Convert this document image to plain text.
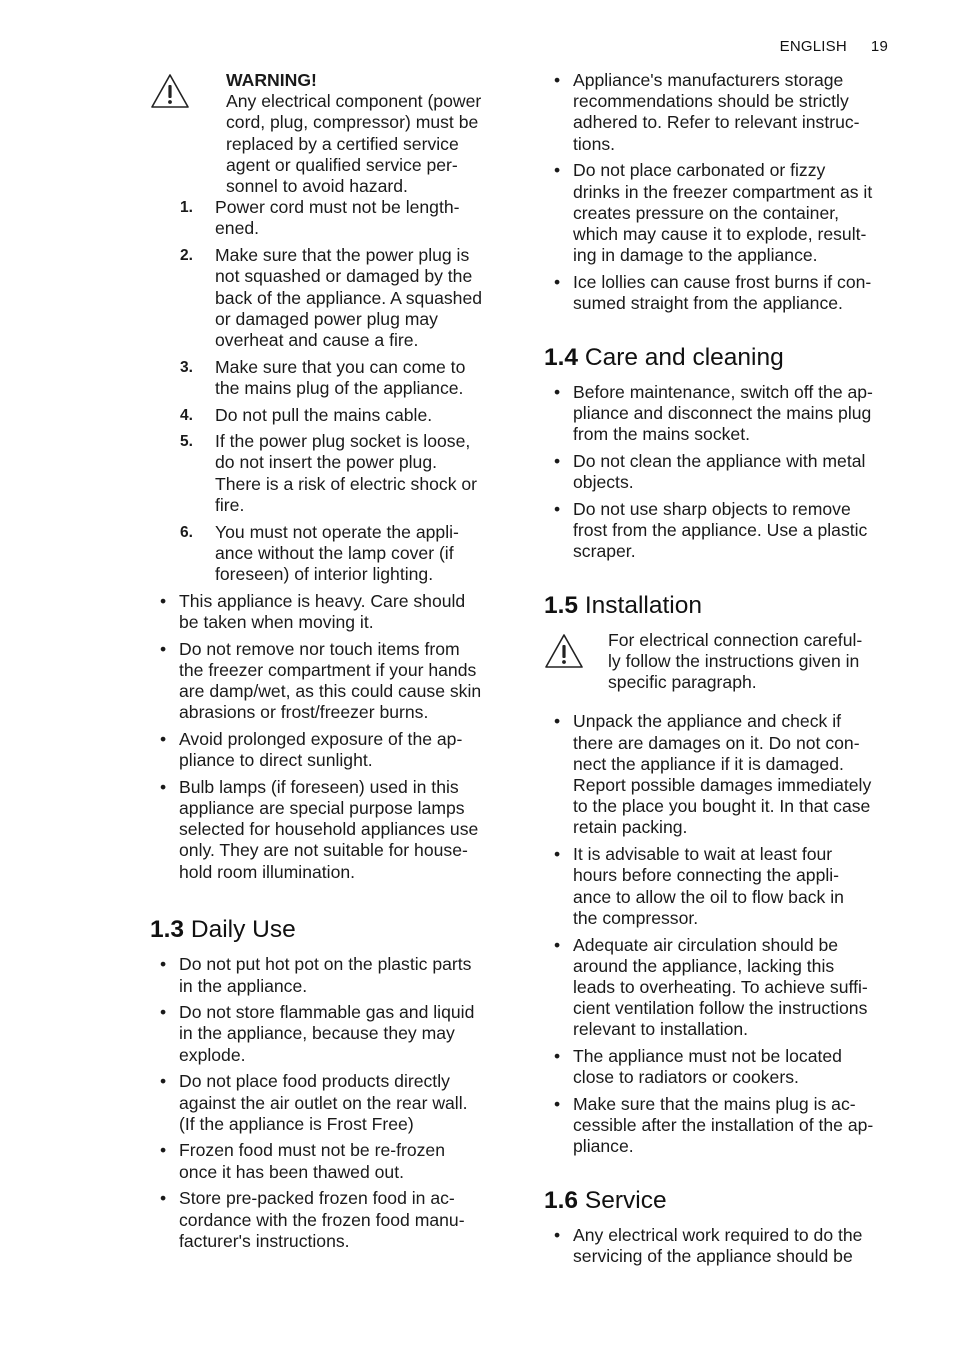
ENGLISH 19
WARNING!
Any electrical component (power
cord, plug, compressor) must be
replaced by a certified service
agent or qualified service per-
sonnel to avoid hazard.
1.	Power cord must not be length-
ened.
2.	Make sure that the power plug is
not squashed or damaged by the
back of the appliance. A squashed
or damaged power plug may
overheat and cause a fire.
3.	Make sure that you can come to
the mains plug of the appliance.
4.	Do not pull the mains cable.
5.	If the power plug socket is loose,
do not insert the power plug.
There is a risk of electric shock or
fire.
6.	You must not operate the appli-
ance without the lamp cover (if
foreseen) of interior lighting.
• This appliance is heavy. Care should
be taken when moving it.
• Do not remove nor touch items from
the freezer compartment if your hands
are damp/wet, as this could cause skin
abrasions or frost/freezer burns.
• Avoid prolonged exposure of the ap-
pliance to direct sunlight.
• Bulb lamps (if foreseen) used in this
appliance are special purpose lamps
selected for household appliances use
only. They are not suitable for house-
hold room illumination.
1.3 Daily Use
• Do not put hot pot on the plastic parts
in the appliance.
• Do not store flammable gas and liquid
in the appliance, because they may
explode.
• Do not place food products directly
against the air outlet on the rear wall.
(If the appliance is Frost Free)
• Frozen food must not be re-frozen
once it has been thawed out.
• Store pre-packed frozen food in ac-
cordance with the frozen food manu-
facturer's instructions.
• Appliance's manufacturers storage
recommendations should be strictly
adhered to. Refer to relevant instruc-
tions.
• Do not place carbonated or fizzy
drinks in the freezer compartment as it
creates pressure on the container,
which may cause it to explode, result-
ing in damage to the appliance.
• Ice lollies can cause frost burns if con-
sumed straight from the appliance.
1.4 Care and cleaning
• Before maintenance, switch off the ap-
pliance and disconnect the mains plug
from the mains socket.
• Do not clean the appliance with metal
objects.
• Do not use sharp objects to remove
frost from the appliance. Use a plastic
scraper.
1.5 Installation
For electrical connection careful-
ly follow the instructions given in
specific paragraph.
• Unpack the appliance and check if
there are damages on it. Do not con-
nect the appliance if it is damaged.
Report possible damages immediately
to the place you bought it. In that case
retain packing.
• It is advisable to wait at least four
hours before connecting the appli-
ance to allow the oil to flow back in
the compressor.
• Adequate air circulation should be
around the appliance, lacking this
leads to overheating. To achieve suffi-
cient ventilation follow the instructions
relevant to installation.
• The appliance must not be located
close to radiators or cookers.
• Make sure that the mains plug is ac-
cessible after the installation of the ap-
pliance.
1.6 Service
• Any electrical work required to do the
servicing of the appliance should be
